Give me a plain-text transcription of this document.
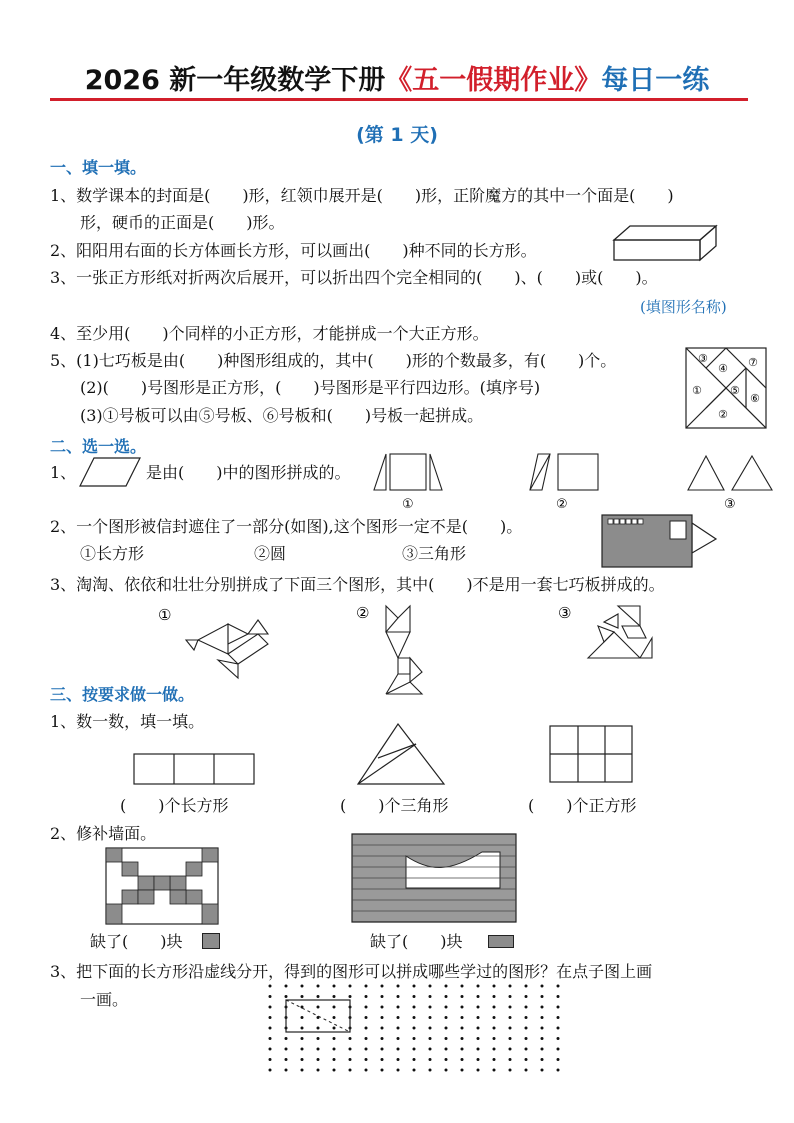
2026 新一年级数学下册《五一假期作业》每日一练
(第 1 天)
一、填一填。
1、数学课本的封面是(　　)形，红领巾展开是(　　)形，正阶魔方的其中一个面是(　　)
形，硬币的正面是(　　)形。
2、阳阳用右面的长方体画长方形，可以画出(　　)种不同的长方形。
3、一张正方形纸对折两次后展开，可以折出四个完全相同的(　　)、(　　)或(　　)。
(填图形名称)
4、至少用(　　)个同样的小正方形，才能拼成一个大正方形。
5、(1)七巧板是由(　　)种图形组成的，其中(　　)形的个数最多，有(　　)个。
(2)(　　)号图形是正方形，(　　)号图形是平行四边形。(填序号)
(3)①号板可以由⑤号板、⑥号板和(　　)号板一起拼成。
③
④ ⑦
①	⑤
⑥
②
二、选一选。
1、	是由(　　)中的图形拼成的。
①	②	③
2、一个图形被信封遮住了一部分(如图),这个图形一定不是(　　)。
①长方形	②圆	③三角形
3、淘淘、依依和壮壮分别拼成了下面三个图形，其中(　　)不是用一套七巧板拼成的。
①	②	③
三、按要求做一做。
1、数一数，填一填。
(　　)个长方形	(　　)个三角形	(　　)个正方形
2、修补墙面。
缺了(　　)块	缺了(　　)块
3、把下面的长方形沿虚线分开，得到的图形可以拼成哪些学过的图形？在点子图上画
一画。
